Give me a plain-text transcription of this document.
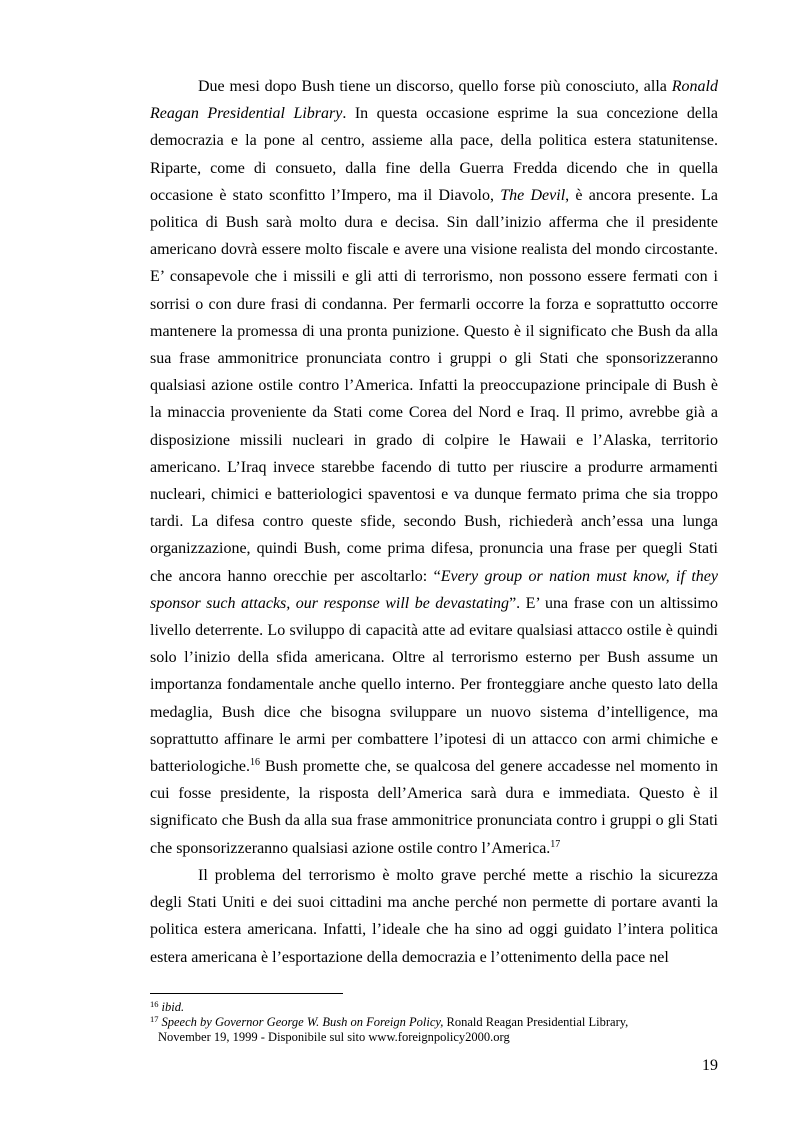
Due mesi dopo Bush tiene un discorso, quello forse più conosciuto, alla Ronald Reagan Presidential Library. In questa occasione esprime la sua concezione della democrazia e la pone al centro, assieme alla pace, della politica estera statunitense. Riparte, come di consueto, dalla fine della Guerra Fredda dicendo che in quella occasione è stato sconfitto l’Impero, ma il Diavolo, The Devil, è ancora presente. La politica di Bush sarà molto dura e decisa. Sin dall’inizio afferma che il presidente americano dovrà essere molto fiscale e avere una visione realista del mondo circostante. E’ consapevole che i missili e gli atti di terrorismo, non possono essere fermati con i sorrisi o con dure frasi di condanna. Per fermarli occorre la forza e soprattutto occorre mantenere la promessa di una pronta punizione. Questo è il significato che Bush da alla sua frase ammonitrice pronunciata contro i gruppi o gli Stati che sponsorizzeranno qualsiasi azione ostile contro l’America. Infatti la preoccupazione principale di Bush è la minaccia proveniente da Stati come Corea del Nord e Iraq. Il primo, avrebbe già a disposizione missili nucleari in grado di colpire le Hawaii e l’Alaska, territorio americano. L’Iraq invece starebbe facendo di tutto per riuscire a produrre armamenti nucleari, chimici e batteriologici spaventosi e va dunque fermato prima che sia troppo tardi. La difesa contro queste sfide, secondo Bush, richiederà anch’essa una lunga organizzazione, quindi Bush, come prima difesa, pronuncia una frase per quegli Stati che ancora hanno orecchie per ascoltarlo: “Every group or nation must know, if they sponsor such attacks, our response will be devastating”. E’ una frase con un altissimo livello deterrente. Lo sviluppo di capacità atte ad evitare qualsiasi attacco ostile è quindi solo l’inizio della sfida americana. Oltre al terrorismo esterno per Bush assume un importanza fondamentale anche quello interno. Per fronteggiare anche questo lato della medaglia, Bush dice che bisogna sviluppare un nuovo sistema d’intelligence, ma soprattutto affinare le armi per combattere l’ipotesi di un attacco con armi chimiche e batteriologiche.$^{16}$ Bush promette che, se qualcosa del genere accadesse nel momento in cui fosse presidente, la risposta dell’America sarà dura e immediata. Questo è il significato che Bush da alla sua frase ammonitrice pronunciata contro i gruppi o gli Stati che sponsorizzeranno qualsiasi azione ostile contro l’America.$^{17}$

Il problema del terrorismo è molto grave perché mette a rischio la sicurezza degli Stati Uniti e dei suoi cittadini ma anche perché non permette di portare avanti la politica estera americana. Infatti, l’ideale che ha sino ad oggi guidato l’intera politica estera americana è l’esportazione della democrazia e l’ottenimento della pace nel

$^{16}$ ibid.

$^{17}$ Speech by Governor George W. Bush on Foreign Policy, Ronald Reagan Presidential Library,

November 19, 1999 - Disponibile sul sito www.foreignpolicy2000.org

19
